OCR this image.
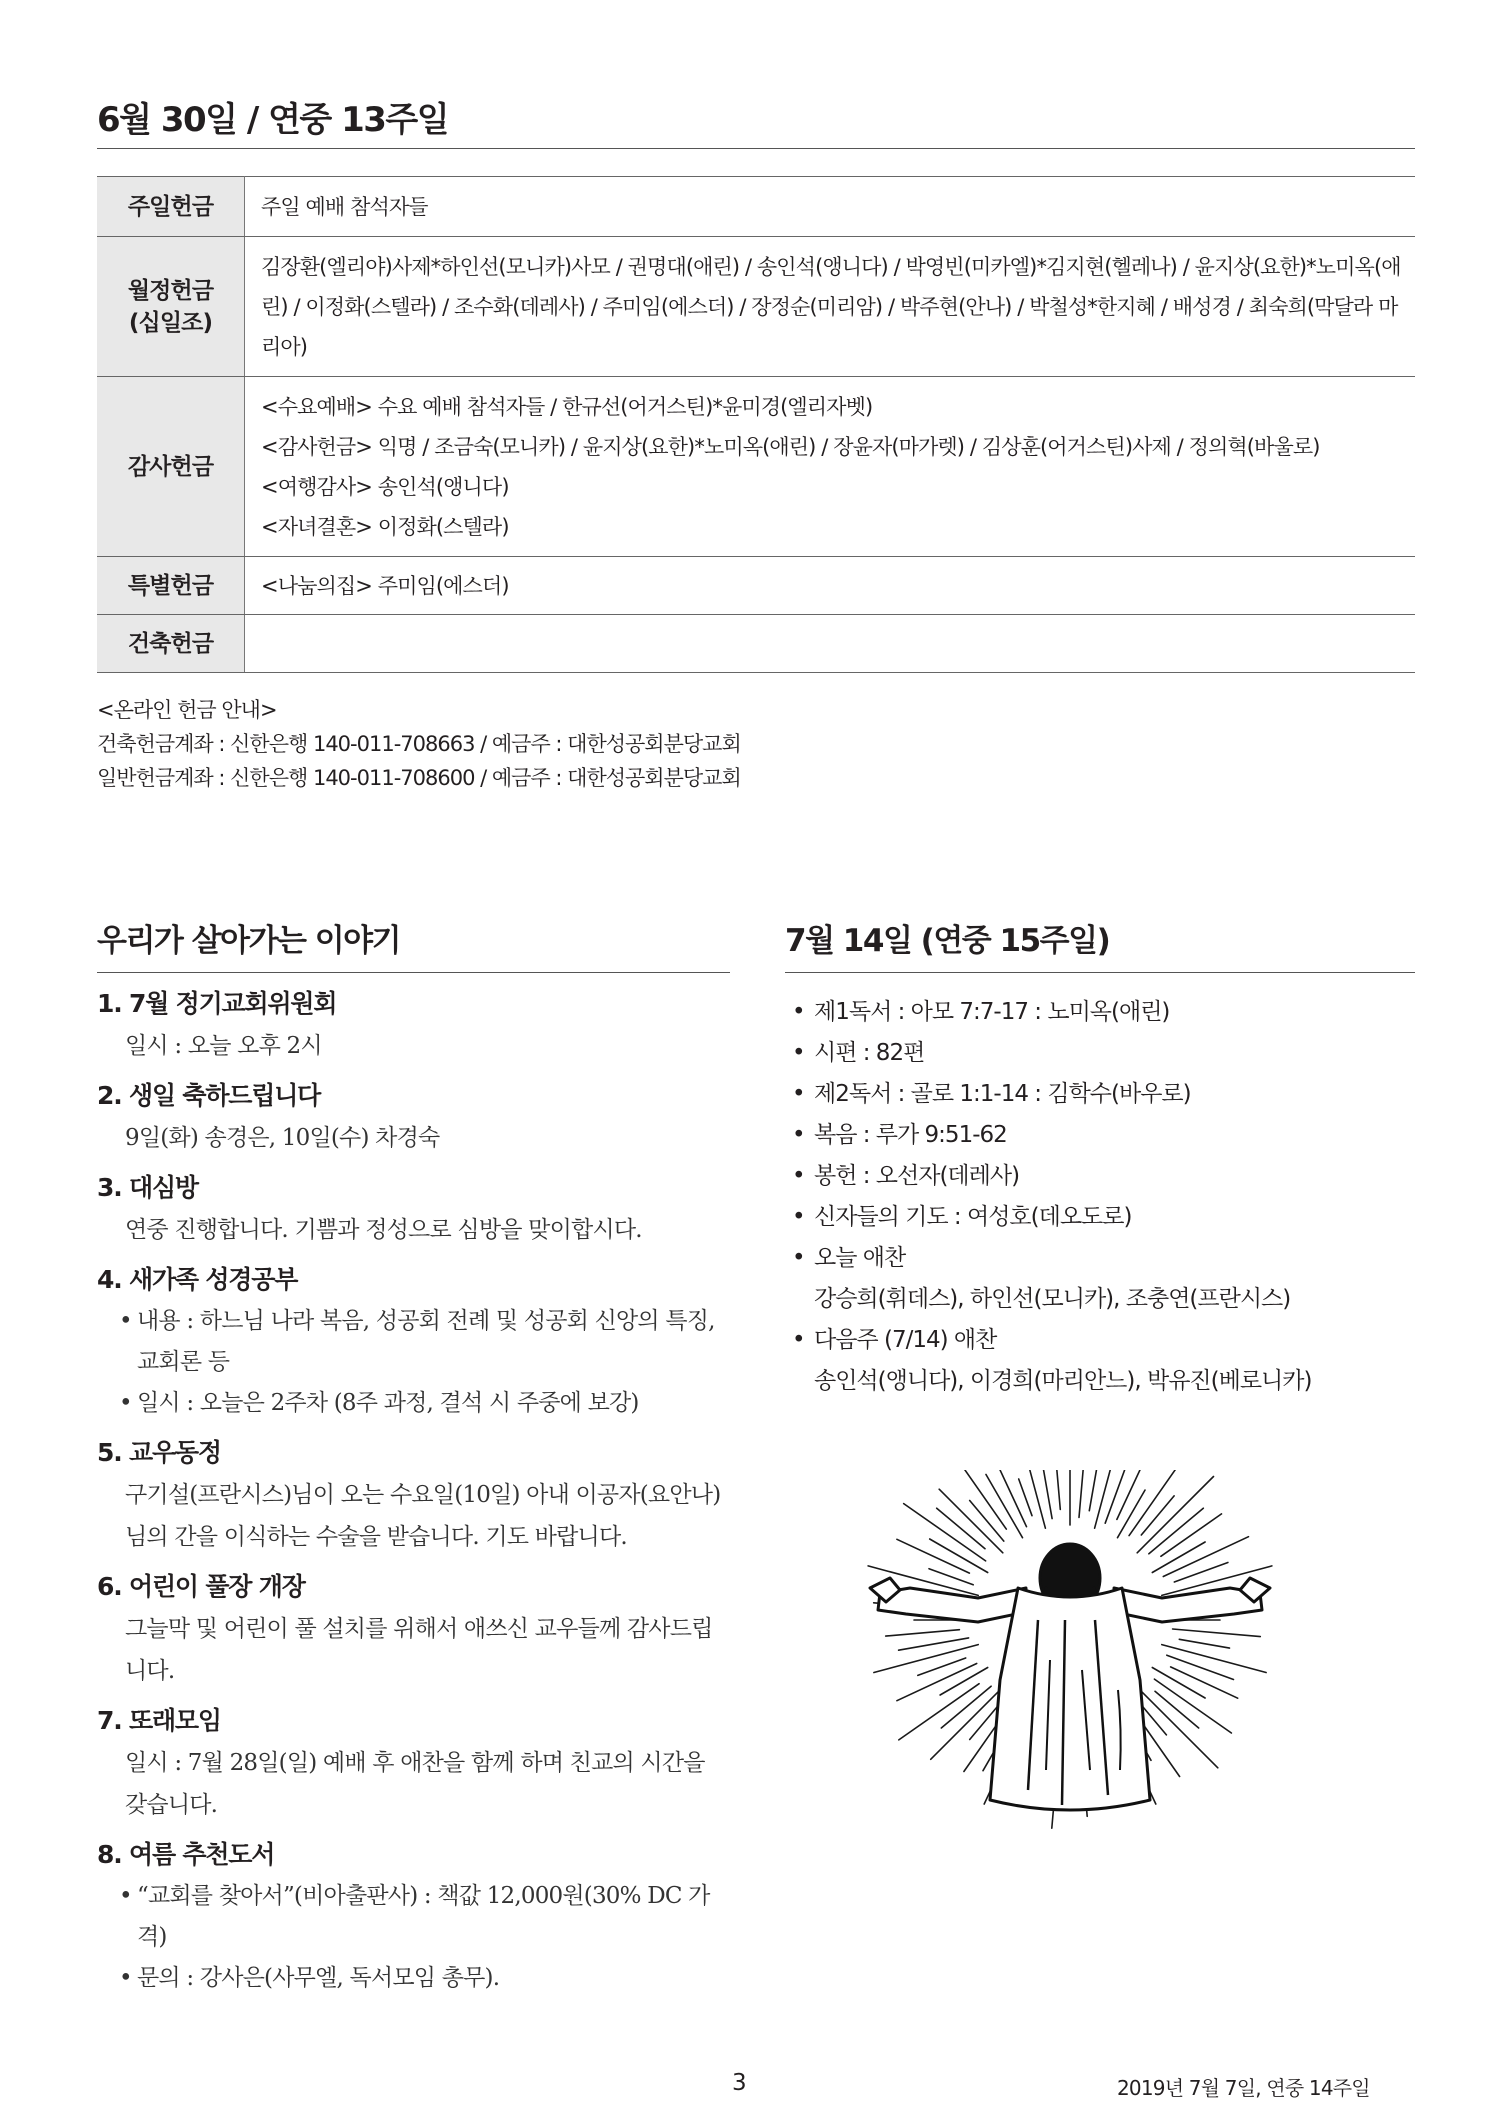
6월 30일 / 연중 13주일
주일헌금	주일 예배 참석자들

월정헌금
(십일조)	김장환(엘리야)사제*하인선(모니카)사모 / 권명대(애린) / 송인석(앵니다) / 박영빈(미카엘)*김지현(헬레나) / 윤지상(요한)*노미옥(애린) / 이정화(스텔라) / 조수화(데레사) / 주미임(에스더) / 장정순(미리암) / 박주현(안나) / 박철성*한지혜 / 배성경 / 최숙희(막달라 마리아)

감사헌금	<수요예배> 수요 예배 참석자들 / 한규선(어거스틴)*윤미경(엘리자벳)
<감사헌금> 익명 / 조금숙(모니카) / 윤지상(요한)*노미옥(애린) / 장윤자(마가렛) / 김상훈(어거스틴)사제 / 정의혁(바울로)
<여행감사> 송인석(앵니다)
<자녀결혼> 이정화(스텔라)

특별헌금	<나눔의집> 주미임(에스더)

건축헌금	
<온라인 헌금 안내>
건축헌금계좌 : 신한은행 140-011-708663 / 예금주 : 대한성공회분당교회
일반헌금계좌 : 신한은행 140-011-708600 / 예금주 : 대한성공회분당교회
우리가 살아가는 이야기
1. 7월 정기교회위원회

일시 : 오늘 오후 2시

2. 생일 축하드립니다

9일(화) 송경은, 10일(수) 차경숙

3. 대심방

연중 진행합니다. 기쁨과 정성으로 심방을 맞이합시다.

4. 새가족 성경공부
• 내용 : 하느님 나라 복음, 성공회 전례 및 성공회 신앙의 특징, 교회론 등
• 일시 : 오늘은 2주차 (8주 과정, 결석 시 주중에 보강)
5. 교우동정

구기설(프란시스)님이 오는 수요일(10일) 아내 이공자(요안나)님의 간을 이식하는 수술을 받습니다. 기도 바랍니다.

6. 어린이 풀장 개장

그늘막 및 어린이 풀 설치를 위해서 애쓰신 교우들께 감사드립니다.

7. 또래모임

일시 : 7월 28일(일) 예배 후 애찬을 함께 하며 친교의 시간을 갖습니다.

8. 여름 추천도서
• “교회를 찾아서”(비아출판사) : 책값 12,000원(30% DC 가격)
• 문의 : 강사은(사무엘, 독서모임 총무).
7월 14일 (연중 15주일)
• 제1독서 : 아모 7:7-17 : 노미옥(애린)
• 시편 : 82편
• 제2독서 : 골로 1:1-14 : 김학수(바우로)
• 복음 : 루가 9:51-62
• 봉헌 : 오선자(데레사)
• 신자들의 기도 : 여성호(데오도로)
• 오늘 애찬
강승희(휘데스), 하인선(모니카), 조충연(프란시스)
• 다음주 (7/14) 애찬
송인석(앵니다), 이경희(마리안느), 박유진(베로니카)
3	2019년 7월 7일, 연중 14주일
